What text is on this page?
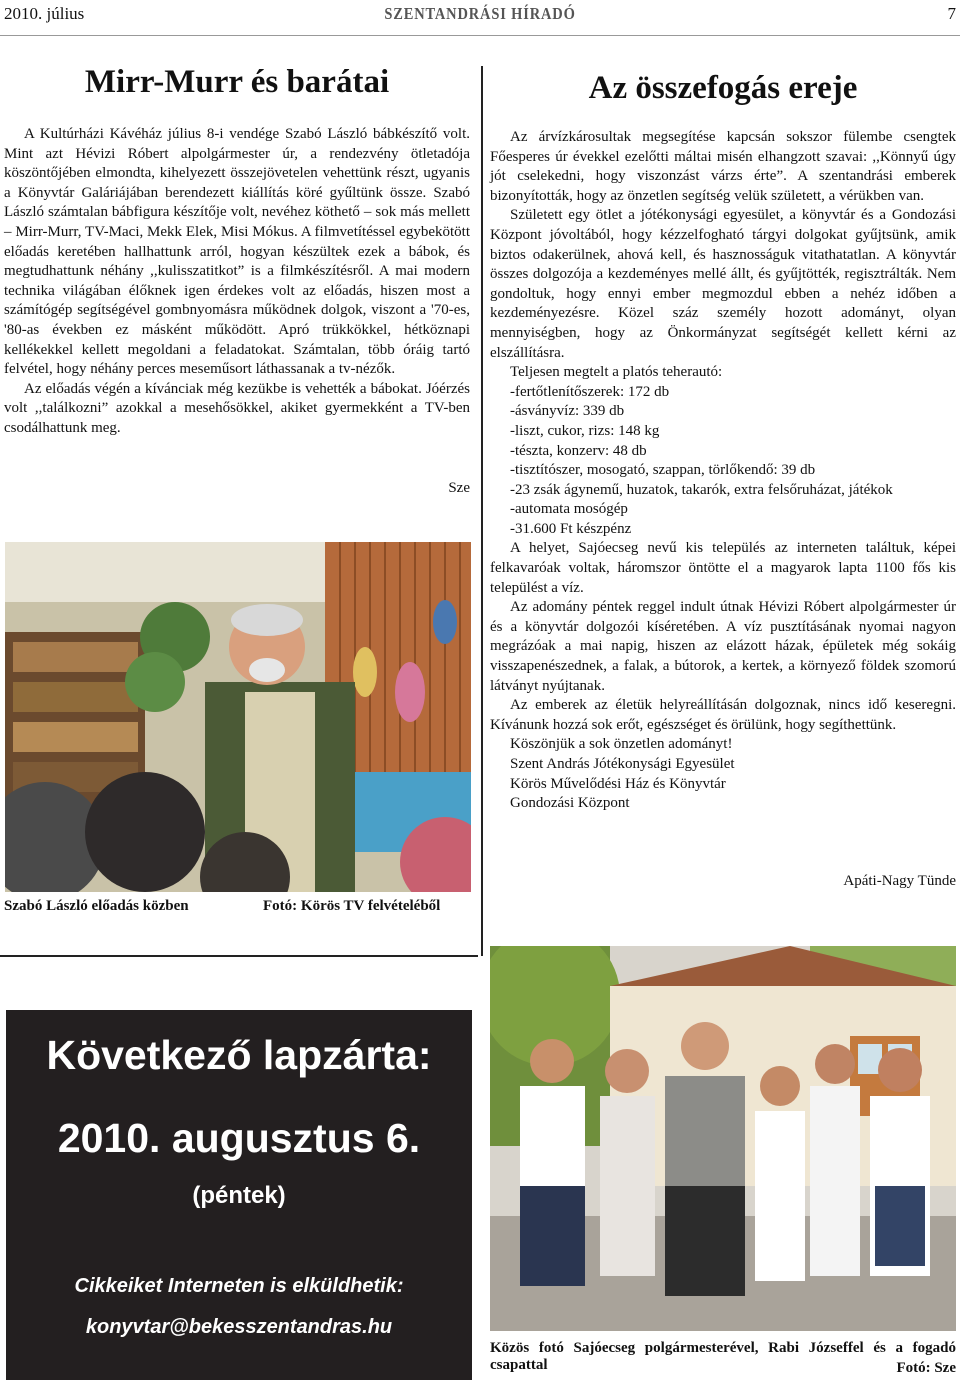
2010. július	SZENTANDRÁSI HÍRADÓ	7
Mirr-Murr és barátai

A Kultúrházi Kávéház július 8-i vendége Szabó László bábkészítő volt. Mint azt Hévizi Róbert alpolgármester úr, a rendezvény ötletadója köszöntőjében elmondta, kihelyezett összejövetelen vehettünk részt, ugyanis a Könyvtár Galáriájában berendezett kiállítás köré gyűltünk össze. Szabó László számtalan bábfigura készítője volt, nevéhez köthető – sok más mellett – Mirr-Murr, TV-Maci, Mekk Elek, Misi Mókus. A filmvetítéssel egybekötött előadás keretében hallhattunk arról, hogyan készültek ezek a bábok, és megtudhattunk néhány ,,kulisszatitkot” is a filmkészítésről. A mai modern technika világában élőknek igen érdekes volt az előadás, hiszen most a számítógép segítségével gombnyomásra működnek dolgok, viszont a '70-es, '80-as években ez másként működött. Apró trükkökkel, hétköznapi kellékekkel kellett megoldani a feladatokat. Számtalan, több óráig tartó felvétel, hogy néhány perces meseműsort láthassanak a tv-nézők.

Az előadás végén a kívánciak még kezükbe is vehették a bábokat. Jóérzés volt ,,találkozni” azokkal a mesehősökkel, akiket gyermekként a TV-ben csodálhattunk meg.

Sze
Szabó László előadás közben	Fotó: Körös TV felvételéből
Következő lapzárta:
2010. augusztus 6.
(péntek)
Cikkeiket Interneten is elküldhetik:
konyvtar@bekesszentandras.hu
Az összefogás ereje

Az árvízkárosultak megsegítése kapcsán sokszor fülembe csengtek Főesperes úr évekkel ezelőtti máltai misén elhangzott szavai: ,,Könnyű úgy jót cselekedni, hogy viszonzást várzs érte”. A szentandrási emberek bizonyították, hogy az önzetlen segítség velük született, a vérükben van.

Született egy ötlet a jótékonysági egyesület, a könyvtár és a Gondozási Központ jóvoltából, hogy kézzelfogható tárgyi dolgokat gyűjtsünk, amik biztos odakerülnek, ahová kell, és hasznosságuk vitathatatlan. A könyvtár összes dolgozója a kezdeményes mellé állt, és gyűjtötték, regisztrálták. Nem gondoltuk, hogy ennyi ember megmozdul ebben a nehéz időben a kezdeményezésre. Közel száz személy hozott adományt, olyan mennyiségben, hogy az Önkormányzat segítségét kellett kérni az elszállításra.

Teljesen megtelt a platós teherautó:
-fertőtlenítőszerek: 172 db
-ásványvíz: 339 db
-liszt, cukor, rizs: 148 kg
-tészta, konzerv: 48 db
-tisztítószer, mosogató, szappan, törlőkendő: 39 db
-23 zsák ágynemű, huzatok, takarók, extra felsőruházat, játékok
-automata mosógép
-31.600 Ft készpénz

A helyet, Sajóecseg nevű kis település az interneten találtuk, képei felkavaróak voltak, háromszor öntötte el a magyarok lapta 1100 fős kis települést a víz.

Az adomány péntek reggel indult útnak Hévizi Róbert alpolgármester úr és a könyvtár dolgozói kíséretében. A víz pusztításának nyomai nagyon megrázóak a mai napig, hiszen az elázott házak, épületek még sokáig visszapenészednek, a falak, a bútorok, a kertek, a környező földek szomorú látványt nyújtanak.

Az emberek az életük helyreállításán dolgoznak, nincs idő keseregni. Kívánunk hozzá sok erőt, egészséget és örülünk, hogy segíthettünk.

Köszönjük a sok önzetlen adományt!
Szent András Jótékonysági Egyesület
Körös Művelődési Ház és Könyvtár
Gondozási Központ
Apáti-Nagy Tünde
Közös fotó Sajóecseg polgármesterével, Rabi Józseffel és a fogadó csapattal	Fotó: Sze
